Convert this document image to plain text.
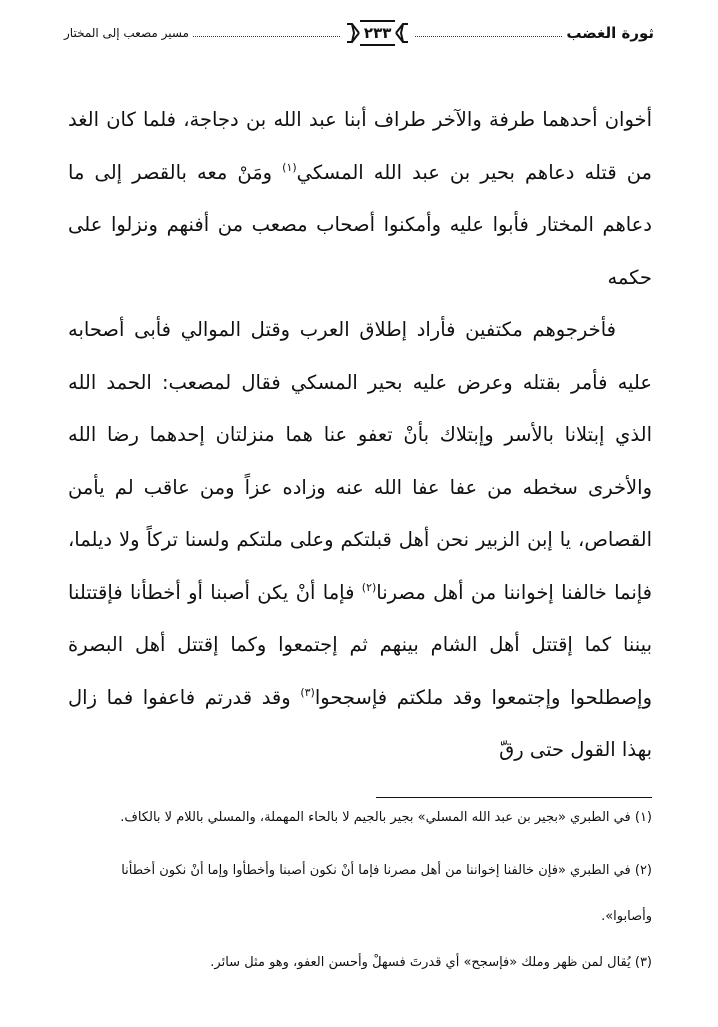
ثورة الغضب
٢٣٣
مسير مصعب إلى المختار

أخوان أحدهما طرفة والآخر طراف أبنا عبد الله بن دجاجة، فلما كان الغد من قتله دعاهم بحير بن عبد الله المسكي$^{(١)}$ ومَنْ معه بالقصر إلى ما دعاهم المختار فأبوا عليه وأمكنوا أصحاب مصعب من أفنهم ونزلوا على حكمه

فأخرجوهم مكتفين فأراد إطلاق العرب وقتل الموالي فأبى أصحابه عليه فأمر بقتله وعرض عليه بحير المسكي فقال لمصعب: الحمد الله الذي إبتلانا بالأسر وإبتلاك بأنْ تعفو عنا هما منزلتان إحدهما رضا الله والأخرى سخطه من عفا عفا الله عنه وزاده عزاً ومن عاقب لم يأمن القصاص، يا إبن الزبير نحن أهل قبلتكم وعلى ملتكم ولسنا تركاً ولا ديلما، فإنما خالفنا إخواننا من أهل مصرنا$^{(٢)}$ فإما أنْ يكن أصبنا أو أخطأنا فإقتتلنا بيننا كما إقتتل أهل الشام بينهم ثم إجتمعوا وكما إقتتل أهل البصرة وإصطلحوا وإجتمعوا وقد ملكتم فإسجحوا$^{(٣)}$ وقد قدرتم فاعفوا فما زال بهذا القول حتى رقّ

(١) في الطبري «بجير بن عبد الله المسلي» بجير بالجيم لا بالحاء المهملة، والمسلي باللام لا بالكاف.

(٢) في الطبري «فإن خالفنا إخواننا من أهل مصرنا فإما أنْ نكون أصبنا وأخطأوا وإما أنْ نكون أخطأنا وأصابوا».

(٣) يُقال لمن ظهر وملك «فإسجح» أي قدرتَ فسهلْ وأحسن العفو، وهو مثل سائر.
